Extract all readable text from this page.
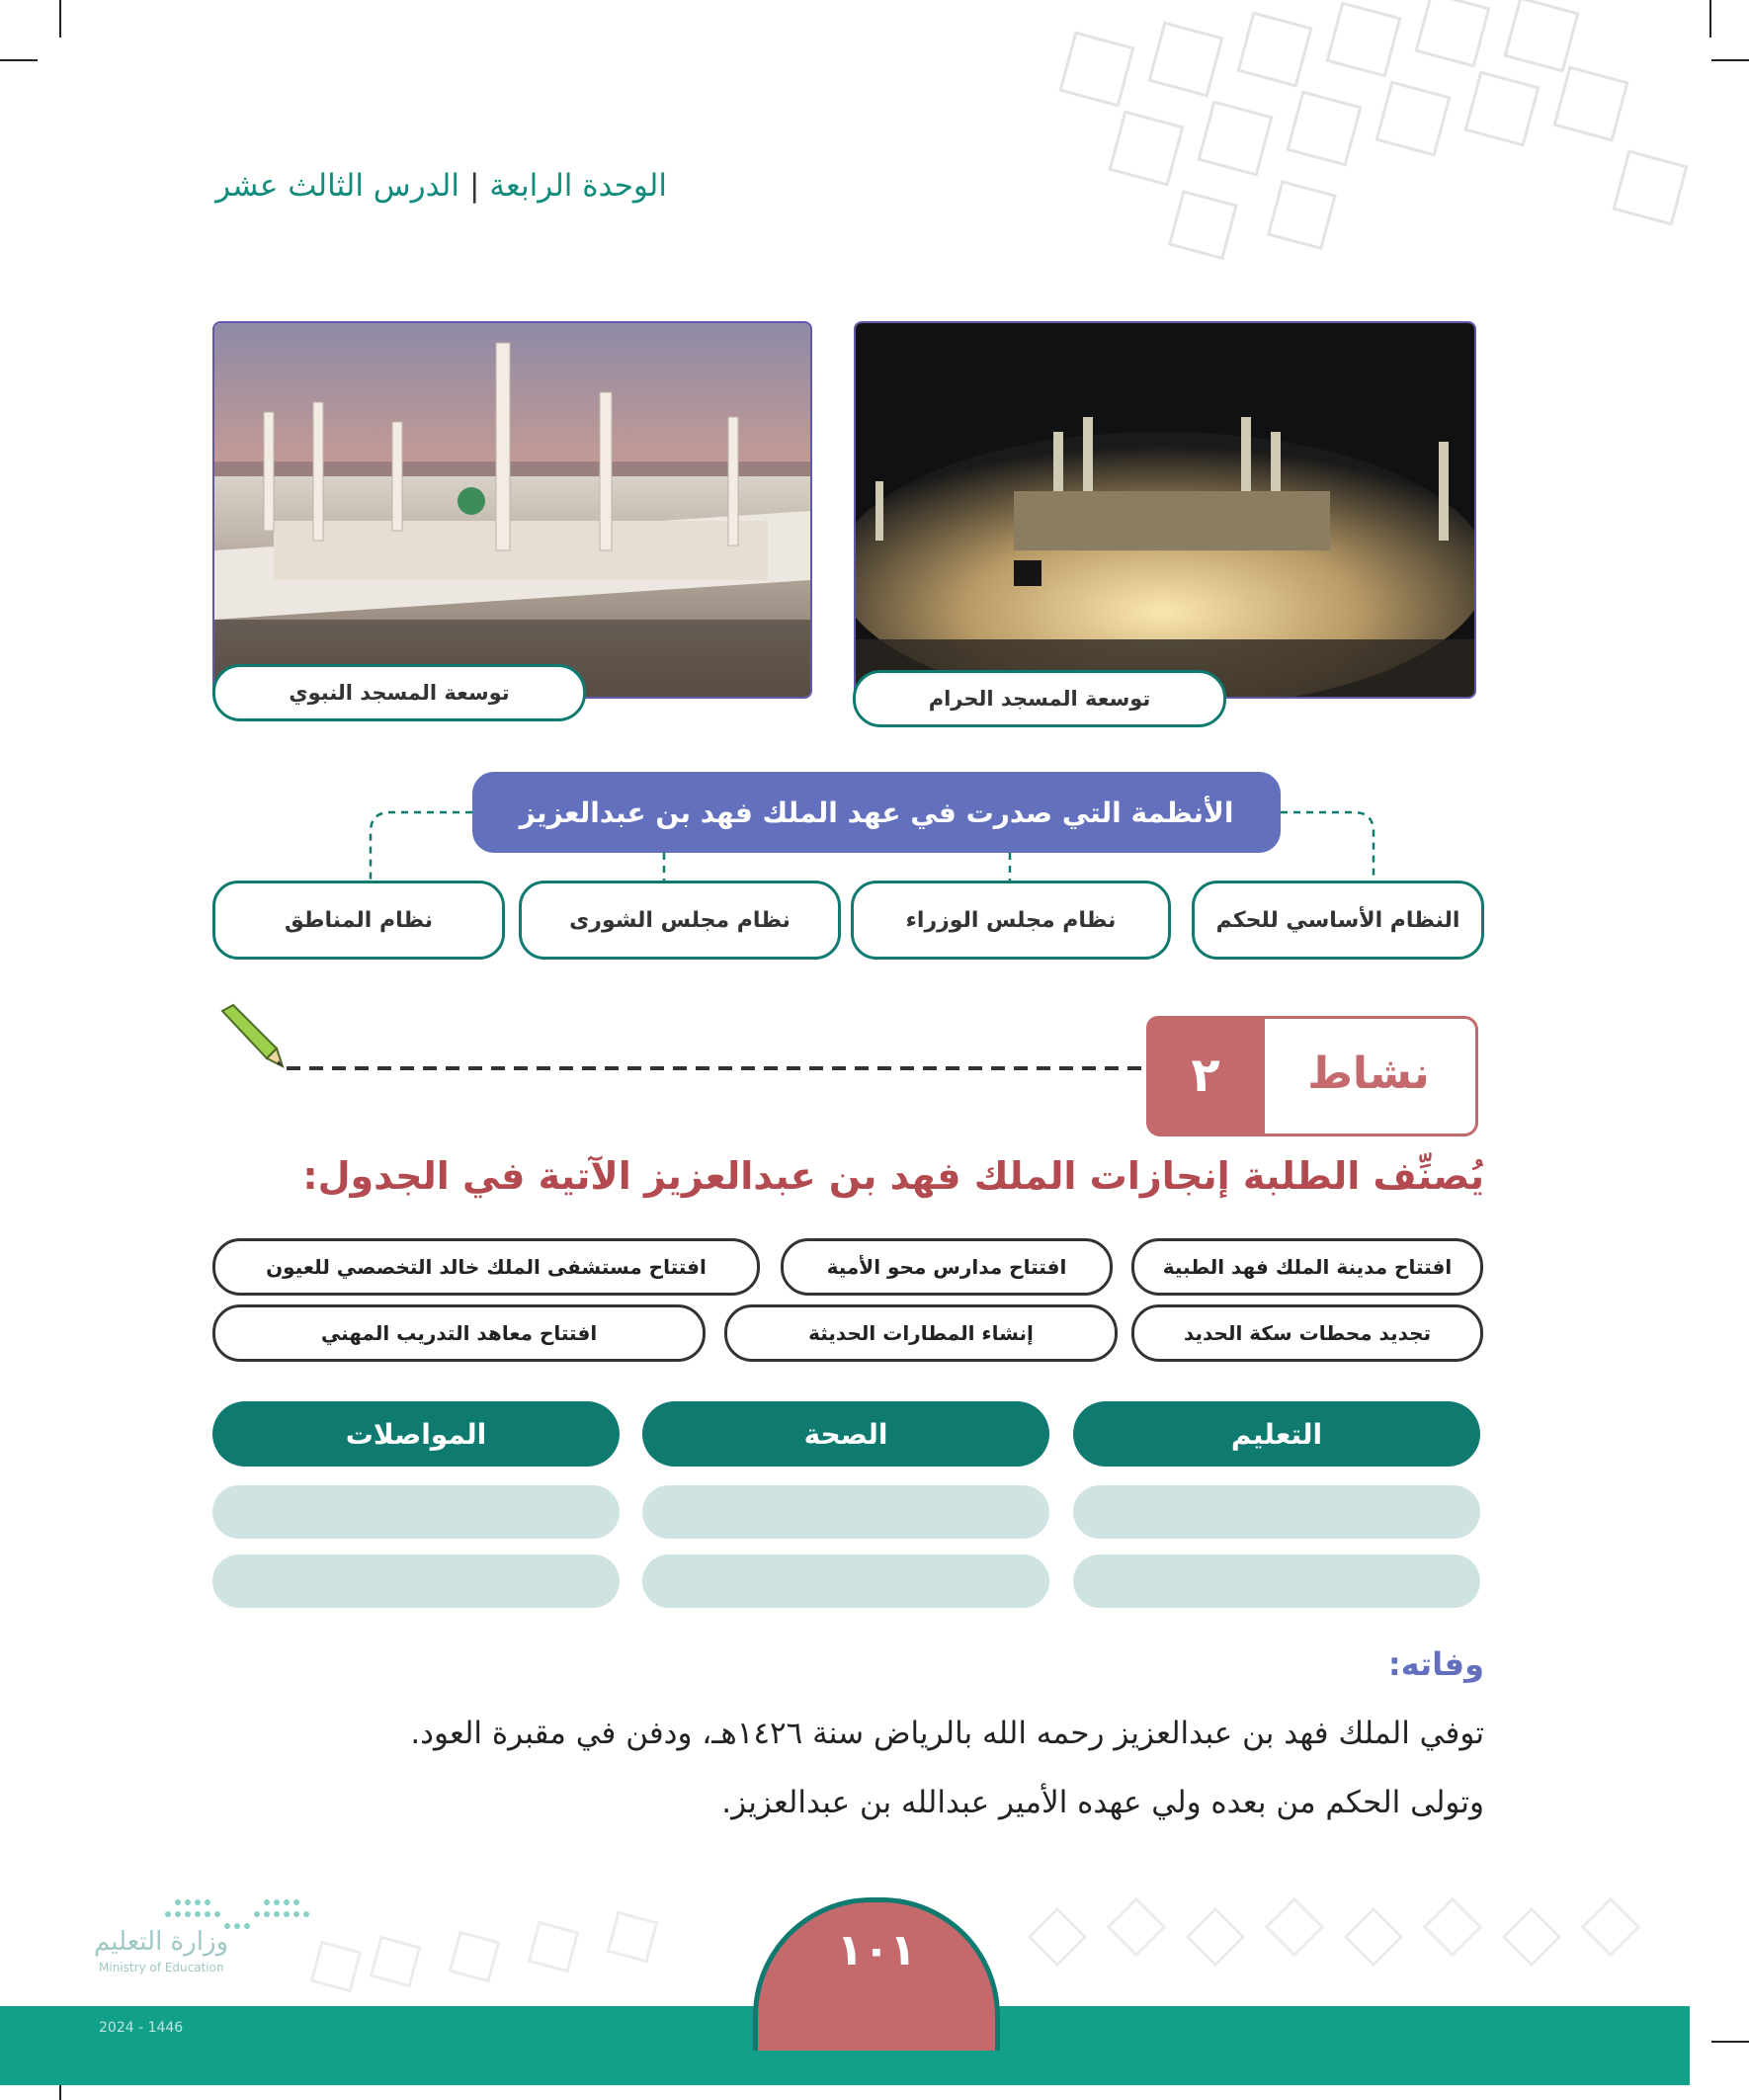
الوحدة الرابعة|الدرس الثالث عشر
توسعة المسجد النبوي	توسعة المسجد الحرام
الأنظمة التي صدرت في عهد الملك فهد بن عبدالعزيز
النظام الأساسي للحكم
نظام مجلس الوزراء
نظام مجلس الشورى
نظام المناطق
٢	نشاط
يُصنِّف الطلبة إنجازات الملك فهد بن عبدالعزيز الآتية في الجدول:
افتتاح مدينة الملك فهد الطبية
افتتاح مدارس محو الأمية
افتتاح مستشفى الملك خالد التخصصي للعيون
تجديد محطات سكة الحديد
إنشاء المطارات الحديثة
افتتاح معاهد التدريب المهني
التعليم
الصحة
المواصلات
وفاته:
توفي الملك فهد بن عبدالعزيز رحمه الله بالرياض سنة ١٤٢٦هـ، ودفن في مقبرة العود.
وتولى الحكم من بعده ولي عهده الأمير عبدالله بن عبدالعزيز.
وزارة التعليم
Ministry of Education	١٠١
2024 - 1446
